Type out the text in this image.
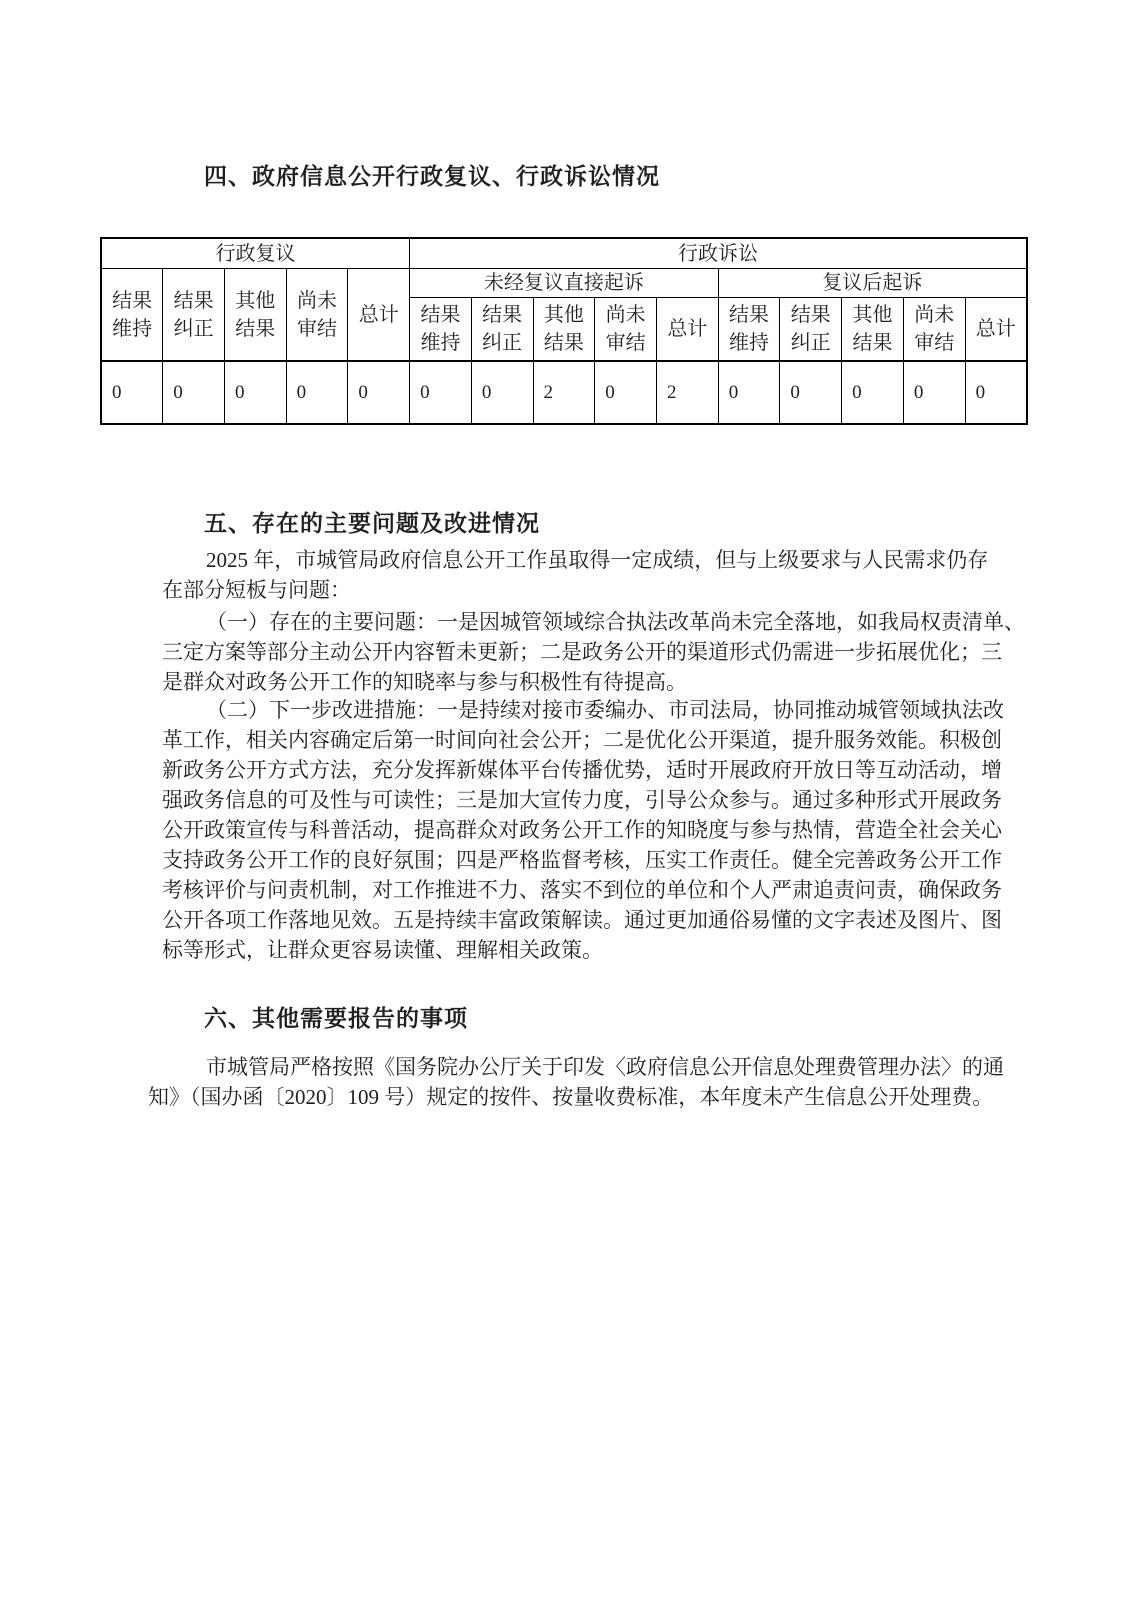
四、政府信息公开行政复议、行政诉讼情况
行政复议					行政诉讼									
结果维持	结果纠正	其他结果	尚未审结	总计	未经复议直接起诉					复议后起诉				
					结果维持	结果纠正	其他结果	尚未审结	总计	结果维持	结果纠正	其他结果	尚未审结	总计
0	0	0	0	0	0	0	2	0	2	0	0	0	0	0
五、存在的主要问题及改进情况
2025 年，市城管局政府信息公开工作虽取得一定成绩，但与上级要求与人民需求仍存
在部分短板与问题：
（一）存在的主要问题：一是因城管领域综合执法改革尚未完全落地，如我局权责清单、
三定方案等部分主动公开内容暂未更新；二是政务公开的渠道形式仍需进一步拓展优化；三
是群众对政务公开工作的知晓率与参与积极性有待提高。
（二）下一步改进措施：一是持续对接市委编办、市司法局，协同推动城管领域执法改
革工作，相关内容确定后第一时间向社会公开；二是优化公开渠道，提升服务效能。积极创
新政务公开方式方法，充分发挥新媒体平台传播优势，适时开展政府开放日等互动活动，增
强政务信息的可及性与可读性；三是加大宣传力度，引导公众参与。通过多种形式开展政务
公开政策宣传与科普活动，提高群众对政务公开工作的知晓度与参与热情，营造全社会关心
支持政务公开工作的良好氛围；四是严格监督考核，压实工作责任。健全完善政务公开工作
考核评价与问责机制，对工作推进不力、落实不到位的单位和个人严肃追责问责，确保政务
公开各项工作落地见效。五是持续丰富政策解读。通过更加通俗易懂的文字表述及图片、图
标等形式，让群众更容易读懂、理解相关政策。
六、其他需要报告的事项
市城管局严格按照《国务院办公厅关于印发〈政府信息公开信息处理费管理办法〉的通
知》（国办函〔2020〕109 号）规定的按件、按量收费标准，本年度未产生信息公开处理费。
